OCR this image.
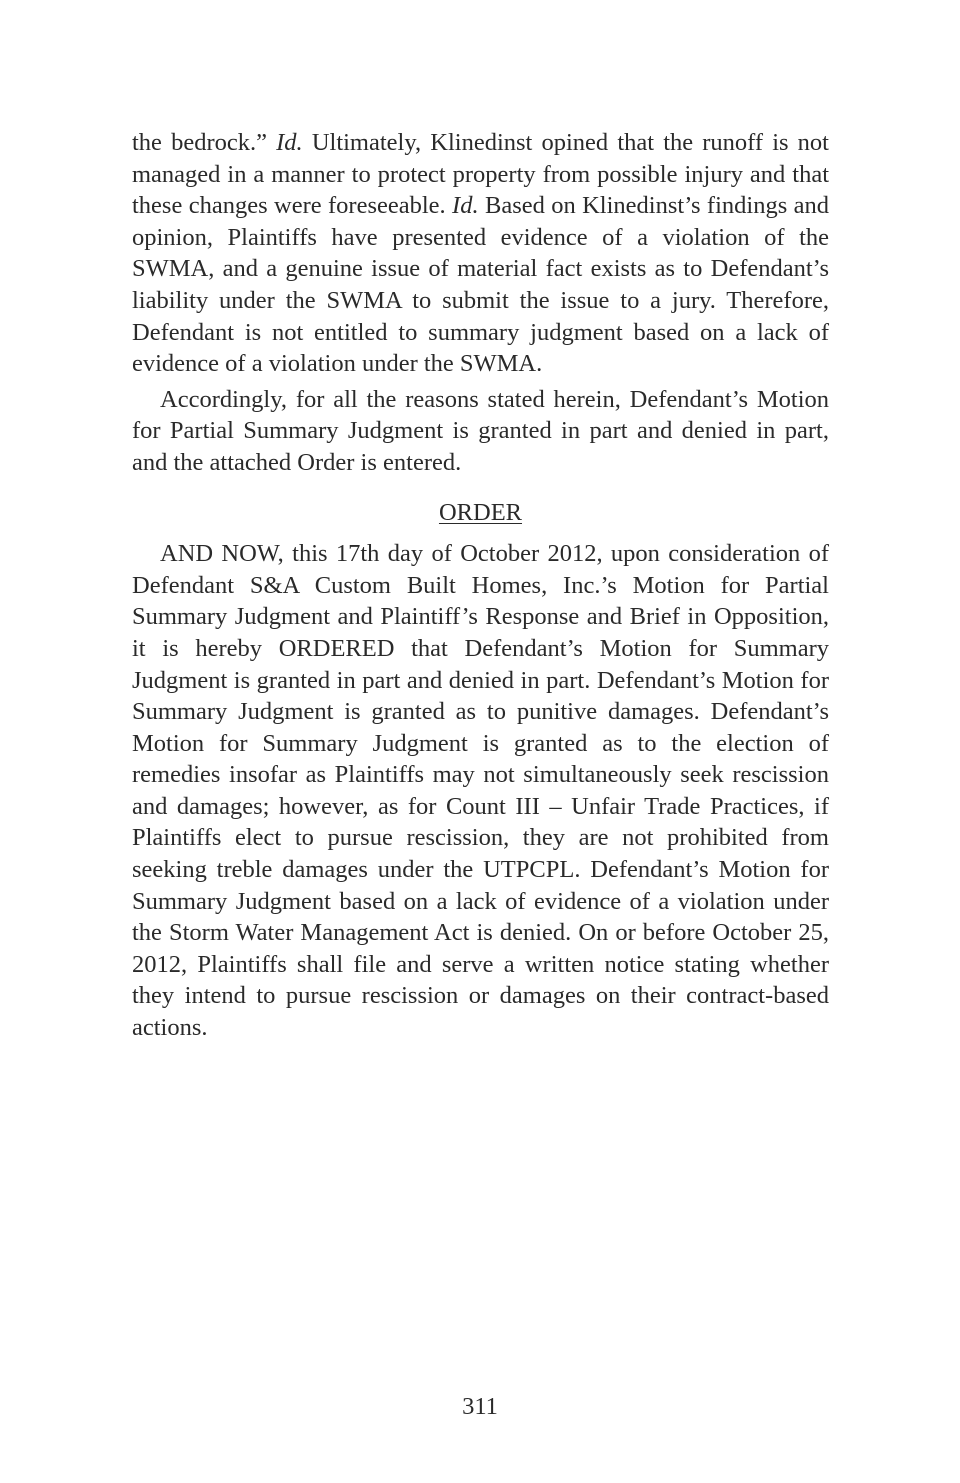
the bedrock.” Id. Ultimately, Klinedinst opined that the runoff is not managed in a manner to protect property from possible injury and that these changes were foreseeable. Id. Based on Klinedinst’s findings and opinion, Plaintiffs have presented evidence of a violation of the SWMA, and a genuine issue of material fact exists as to Defendant’s liability under the SWMA to submit the issue to a jury. Therefore, Defendant is not entitled to summary judgment based on a lack of evidence of a violation under the SWMA.

Accordingly, for all the reasons stated herein, Defendant’s Motion for Partial Summary Judgment is granted in part and denied in part, and the attached Order is entered.

ORDER

AND NOW, this 17th day of October 2012, upon consideration of Defendant S&A Custom Built Homes, Inc.’s Motion for Partial Summary Judgment and Plaintiff’s Response and Brief in Opposition, it is hereby ORDERED that Defendant’s Motion for Summary Judgment is granted in part and denied in part. Defendant’s Motion for Summary Judgment is granted as to punitive damages. Defendant’s Motion for Summary Judgment is granted as to the election of remedies insofar as Plaintiffs may not simultaneously seek rescission and damages; however, as for Count III – Unfair Trade Practices, if Plaintiffs elect to pursue rescission, they are not prohibited from seeking treble damages under the UTPCPL. Defendant’s Motion for Summary Judgment based on a lack of evidence of a violation under the Storm Water Management Act is denied. On or before October 25, 2012, Plaintiffs shall file and serve a written notice stating whether they intend to pursue rescission or damages on their contract-based actions.

311
